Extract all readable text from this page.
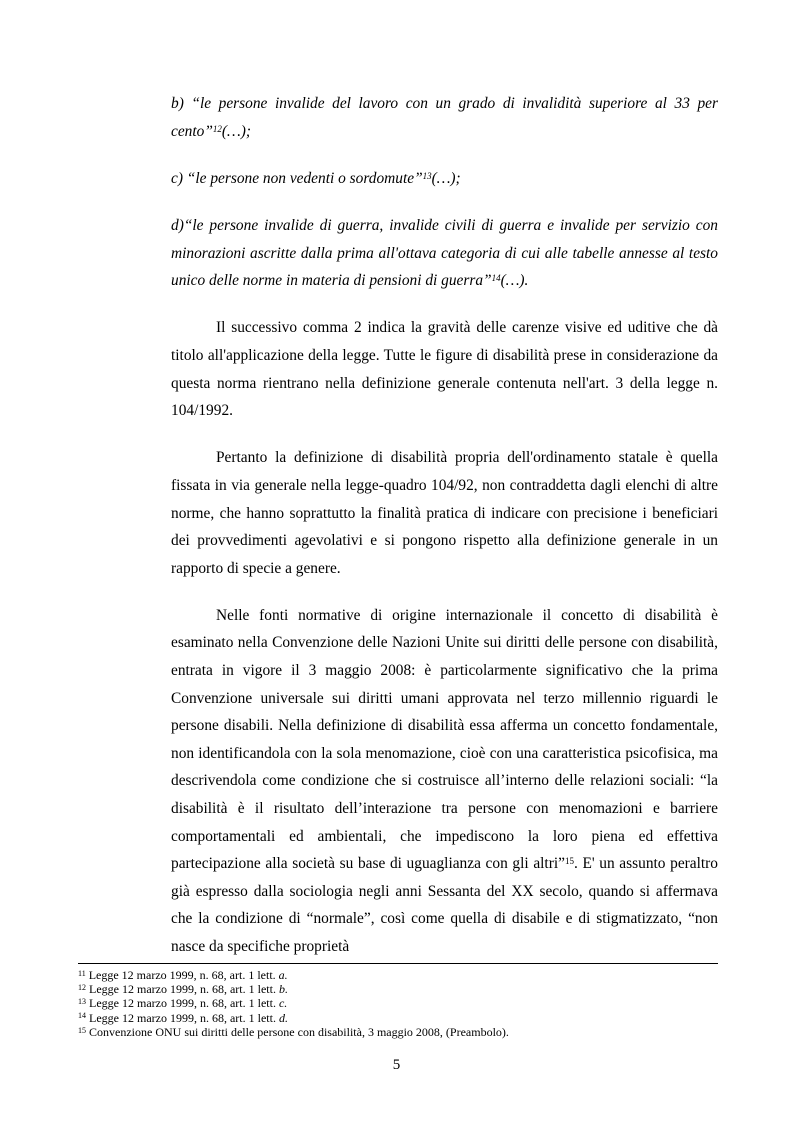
b) “le persone invalide del lavoro con un grado di invalidità superiore al 33 per cento”$^{12}$(…);

c) “le persone non vedenti o sordomute”$^{13}$(…);

d)“le persone invalide di guerra, invalide civili di guerra e invalide per servizio con minorazioni ascritte dalla prima all'ottava categoria di cui alle tabelle annesse al testo unico delle norme in materia di pensioni di guerra”$^{14}$(…).

Il successivo comma 2 indica la gravità delle carenze visive ed uditive che dà titolo all'applicazione della legge. Tutte le figure di disabilità prese in considerazione da questa norma rientrano nella definizione generale contenuta nell'art. 3 della legge n. 104/1992.

Pertanto la definizione di disabilità propria dell'ordinamento statale è quella fissata in via generale nella legge-quadro 104/92, non contraddetta dagli elenchi di altre norme, che hanno soprattutto la finalità pratica di indicare con precisione i beneficiari dei provvedimenti agevolativi e si pongono rispetto alla definizione generale in un rapporto di specie a genere.

Nelle fonti normative di origine internazionale il concetto di disabilità è esaminato nella Convenzione delle Nazioni Unite sui diritti delle persone con disabilità, entrata in vigore il 3 maggio 2008: è particolarmente significativo che la prima Convenzione universale sui diritti umani approvata nel terzo millennio riguardi le persone disabili. Nella definizione di disabilità essa afferma un concetto fondamentale, non identificandola con la sola menomazione, cioè con una caratteristica psicofisica, ma descrivendola come condizione che si costruisce all’interno delle relazioni sociali: “la disabilità è il risultato dell’interazione tra persone con menomazioni e barriere comportamentali ed ambientali, che impediscono la loro piena ed effettiva partecipazione alla società su base di uguaglianza con gli altri”$^{15}$. E' un assunto peraltro già espresso dalla sociologia negli anni Sessanta del XX secolo, quando si affermava che la condizione di “normale”, così come quella di disabile e di stigmatizzato, “non nasce da specifiche proprietà

$^{11}$ Legge 12 marzo 1999, n. 68, art. 1 lett. a.

$^{12}$ Legge 12 marzo 1999, n. 68, art. 1 lett. b.

$^{13}$ Legge 12 marzo 1999, n. 68, art. 1 lett. c.

$^{14}$ Legge 12 marzo 1999, n. 68, art. 1 lett. d.

$^{15}$ Convenzione ONU sui diritti delle persone con disabilità, 3 maggio 2008, (Preambolo).

5
